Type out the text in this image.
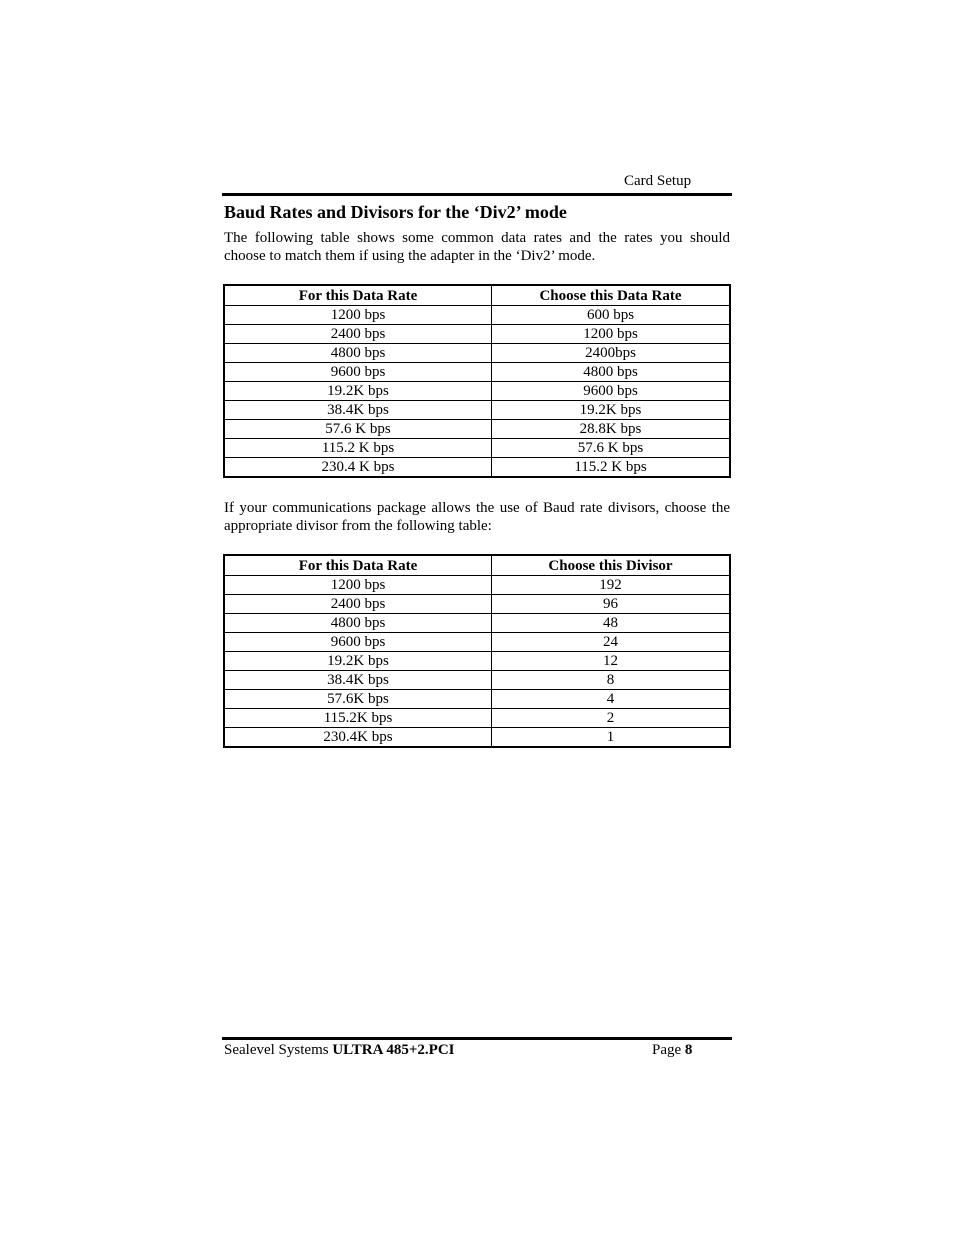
Card Setup
Baud Rates and Divisors for the ‘Div2’ mode

The following table shows some common data rates and the rates you should choose to match them if using the adapter in the ‘Div2’ mode.

For this Data Rate	Choose this Data Rate
1200 bps	600 bps
2400 bps	1200 bps
4800 bps	2400bps
9600 bps	4800 bps
19.2K bps	9600 bps
38.4K bps	19.2K bps
57.6 K bps	28.8K bps
115.2 K bps	57.6 K bps
230.4 K bps	115.2 K bps

If your communications package allows the use of Baud rate divisors, choose the appropriate divisor from the following table:

For this Data Rate	Choose this Divisor
1200 bps	192
2400 bps	96
4800 bps	48
9600 bps	24
19.2K bps	12
38.4K bps	8
57.6K bps	4
115.2K bps	2
230.4K bps	1
Sealevel Systems ULTRA 485+2.PCI	Page 8
